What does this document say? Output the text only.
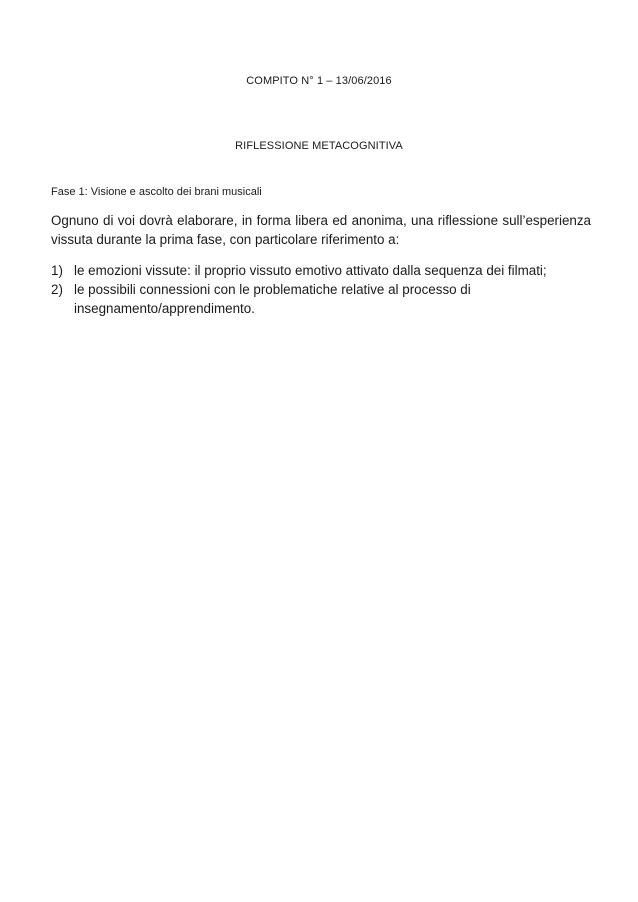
COMPITO N° 1 – 13/06/2016
RIFLESSIONE METACOGNITIVA
Fase 1: Visione e ascolto dei brani musicali
Ognuno di voi dovrà elaborare, in forma libera ed anonima, una riflessione sull’esperienza vissuta durante la prima fase, con particolare riferimento a:
1) le emozioni vissute: il proprio vissuto emotivo attivato dalla sequenza dei filmati;
2) le possibili connessioni con le problematiche relative al processo di insegnamento/apprendimento.
